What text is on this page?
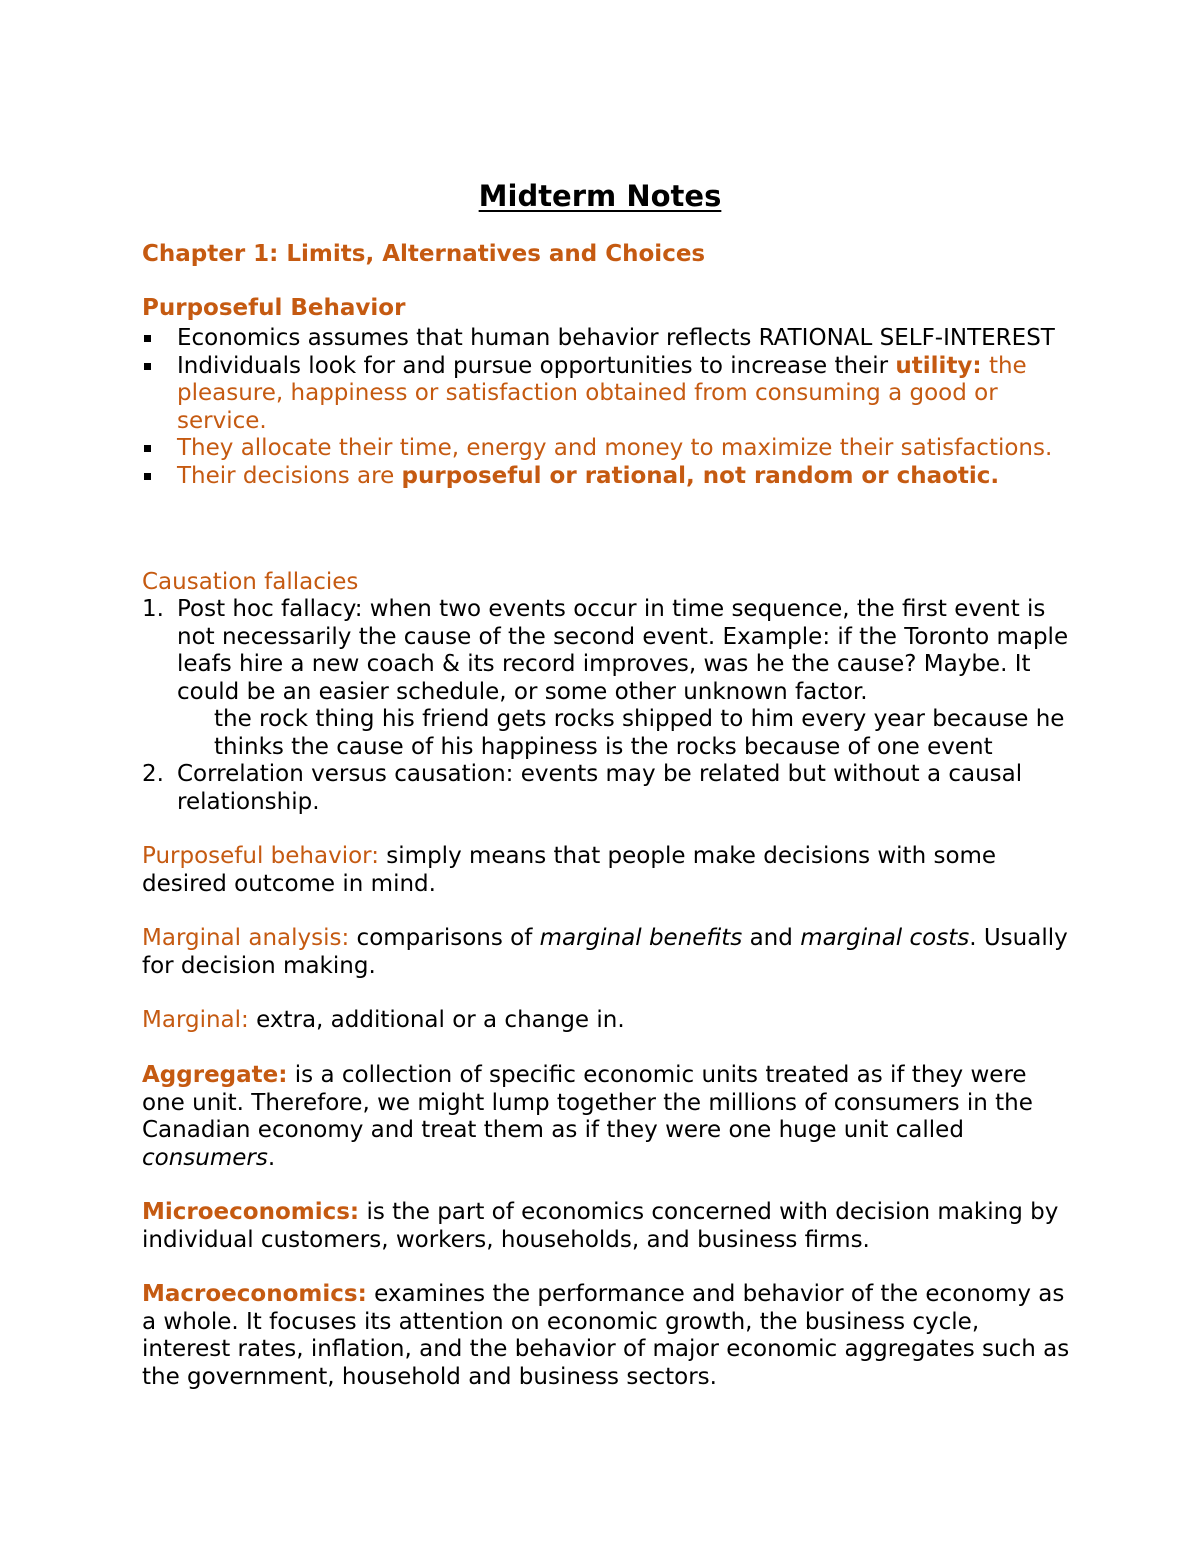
Midterm Notes
Chapter 1: Limits, Alternatives and Choices
Purposeful Behavior
Economics assumes that human behavior reflects RATIONAL SELF-INTEREST
Individuals look for and pursue opportunities to increase their utility: the pleasure, happiness or satisfaction obtained from consuming a good or service.
They allocate their time, energy and money to maximize their satisfactions.
Their decisions are purposeful or rational, not random or chaotic.
Causation fallacies
1. Post hoc fallacy: when two events occur in time sequence, the first event is not necessarily the cause of the second event. Example: if the Toronto maple leafs hire a new coach & its record improves, was he the cause? Maybe. It could be an easier schedule, or some other unknown factor.
the rock thing his friend gets rocks shipped to him every year because he thinks the cause of his happiness is the rocks because of one event
2. Correlation versus causation: events may be related but without a causal relationship.

Purposeful behavior: simply means that people make decisions with some desired outcome in mind.

Marginal analysis: comparisons of marginal benefits and marginal costs. Usually for decision making.

Marginal: extra, additional or a change in.

Aggregate: is a collection of specific economic units treated as if they were one unit. Therefore, we might lump together the millions of consumers in the Canadian economy and treat them as if they were one huge unit called consumers.

Microeconomics: is the part of economics concerned with decision making by individual customers, workers, households, and business firms.

Macroeconomics: examines the performance and behavior of the economy as a whole. It focuses its attention on economic growth, the business cycle, interest rates, inflation, and the behavior of major economic aggregates such as the government, household and business sectors.
